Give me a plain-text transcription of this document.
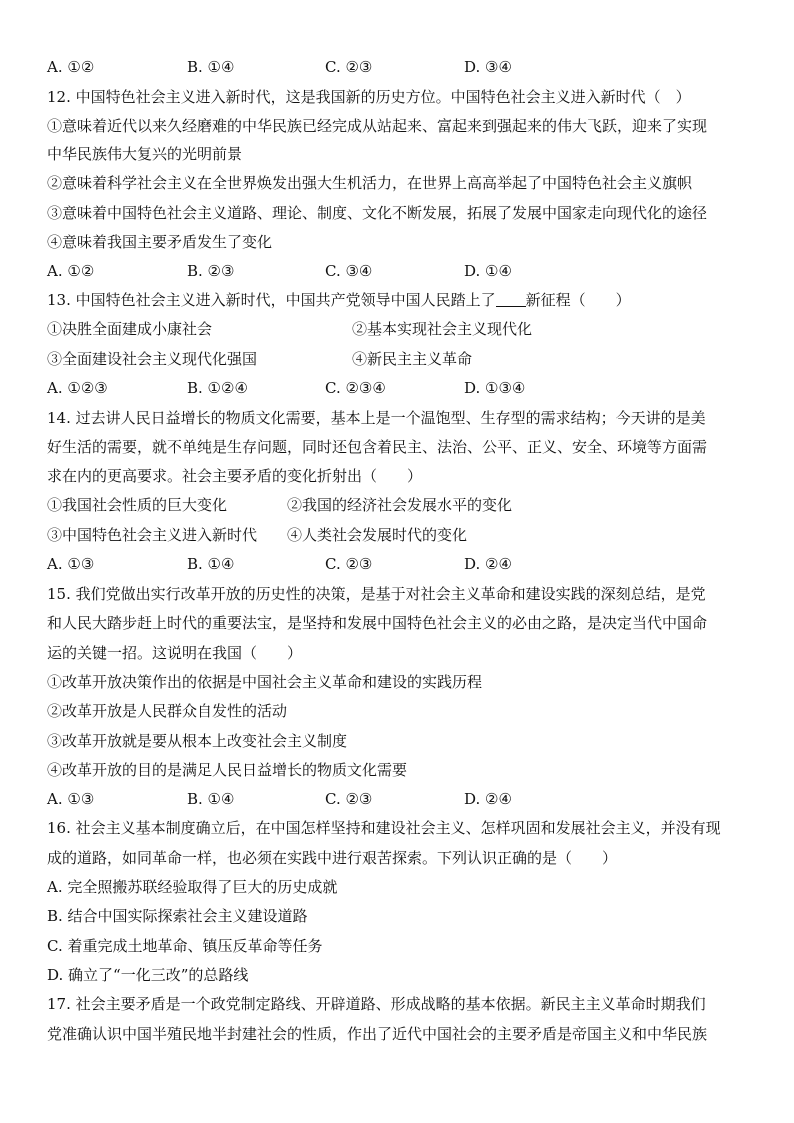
A. ①②	B. ①④	C. ②③	D. ③④
12. 中国特色社会主义进入新时代，这是我国新的历史方位。中国特色社会主义进入新时代（　）
①意味着近代以来久经磨难的中华民族已经完成从站起来、富起来到强起来的伟大飞跃，迎来了实现
中华民族伟大复兴的光明前景
②意味着科学社会主义在全世界焕发出强大生机活力，在世界上高高举起了中国特色社会主义旗帜
③意味着中国特色社会主义道路、理论、制度、文化不断发展，拓展了发展中国家走向现代化的途径
④意味着我国主要矛盾发生了变化
A. ①②	B. ②③	C. ③④	D. ①④
13. 中国特色社会主义进入新时代，中国共产党领导中国人民踏上了 新征程（　　）
①决胜全面建成小康社会	②基本实现社会主义现代化
③全面建设社会主义现代化强国	④新民主主义革命
A. ①②③	B. ①②④	C. ②③④	D. ①③④
14. 过去讲人民日益增长的物质文化需要，基本上是一个温饱型、生存型的需求结构；今天讲的是美
好生活的需要，就不单纯是生存问题，同时还包含着民主、法治、公平、正义、安全、环境等方面需
求在内的更高要求。社会主要矛盾的变化折射出（　　）
①我国社会性质的巨大变化	②我国的经济社会发展水平的变化
③中国特色社会主义进入新时代 ④人类社会发展时代的变化
A. ①③	B. ①④	C. ②③	D. ②④
15. 我们党做出实行改革开放的历史性的决策，是基于对社会主义革命和建设实践的深刻总结，是党
和人民大踏步赶上时代的重要法宝，是坚持和发展中国特色社会主义的必由之路，是决定当代中国命
运的关键一招。这说明在我国（　　）
①改革开放决策作出的依据是中国社会主义革命和建设的实践历程
②改革开放是人民群众自发性的活动
③改革开放就是要从根本上改变社会主义制度
④改革开放的目的是满足人民日益增长的物质文化需要
A. ①③	B. ①④	C. ②③	D. ②④
16. 社会主义基本制度确立后，在中国怎样坚持和建设社会主义、怎样巩固和发展社会主义，并没有现
成的道路，如同革命一样，也必须在实践中进行艰苦探索。下列认识正确的是（　　）
A. 完全照搬苏联经验取得了巨大的历史成就
B. 结合中国实际探索社会主义建设道路
C. 着重完成土地革命、镇压反革命等任务
D. 确立了“一化三改”的总路线
17. 社会主要矛盾是一个政党制定路线、开辟道路、形成战略的基本依据。新民主主义革命时期我们
党准确认识中国半殖民地半封建社会的性质，作出了近代中国社会的主要矛盾是帝国主义和中华民族
